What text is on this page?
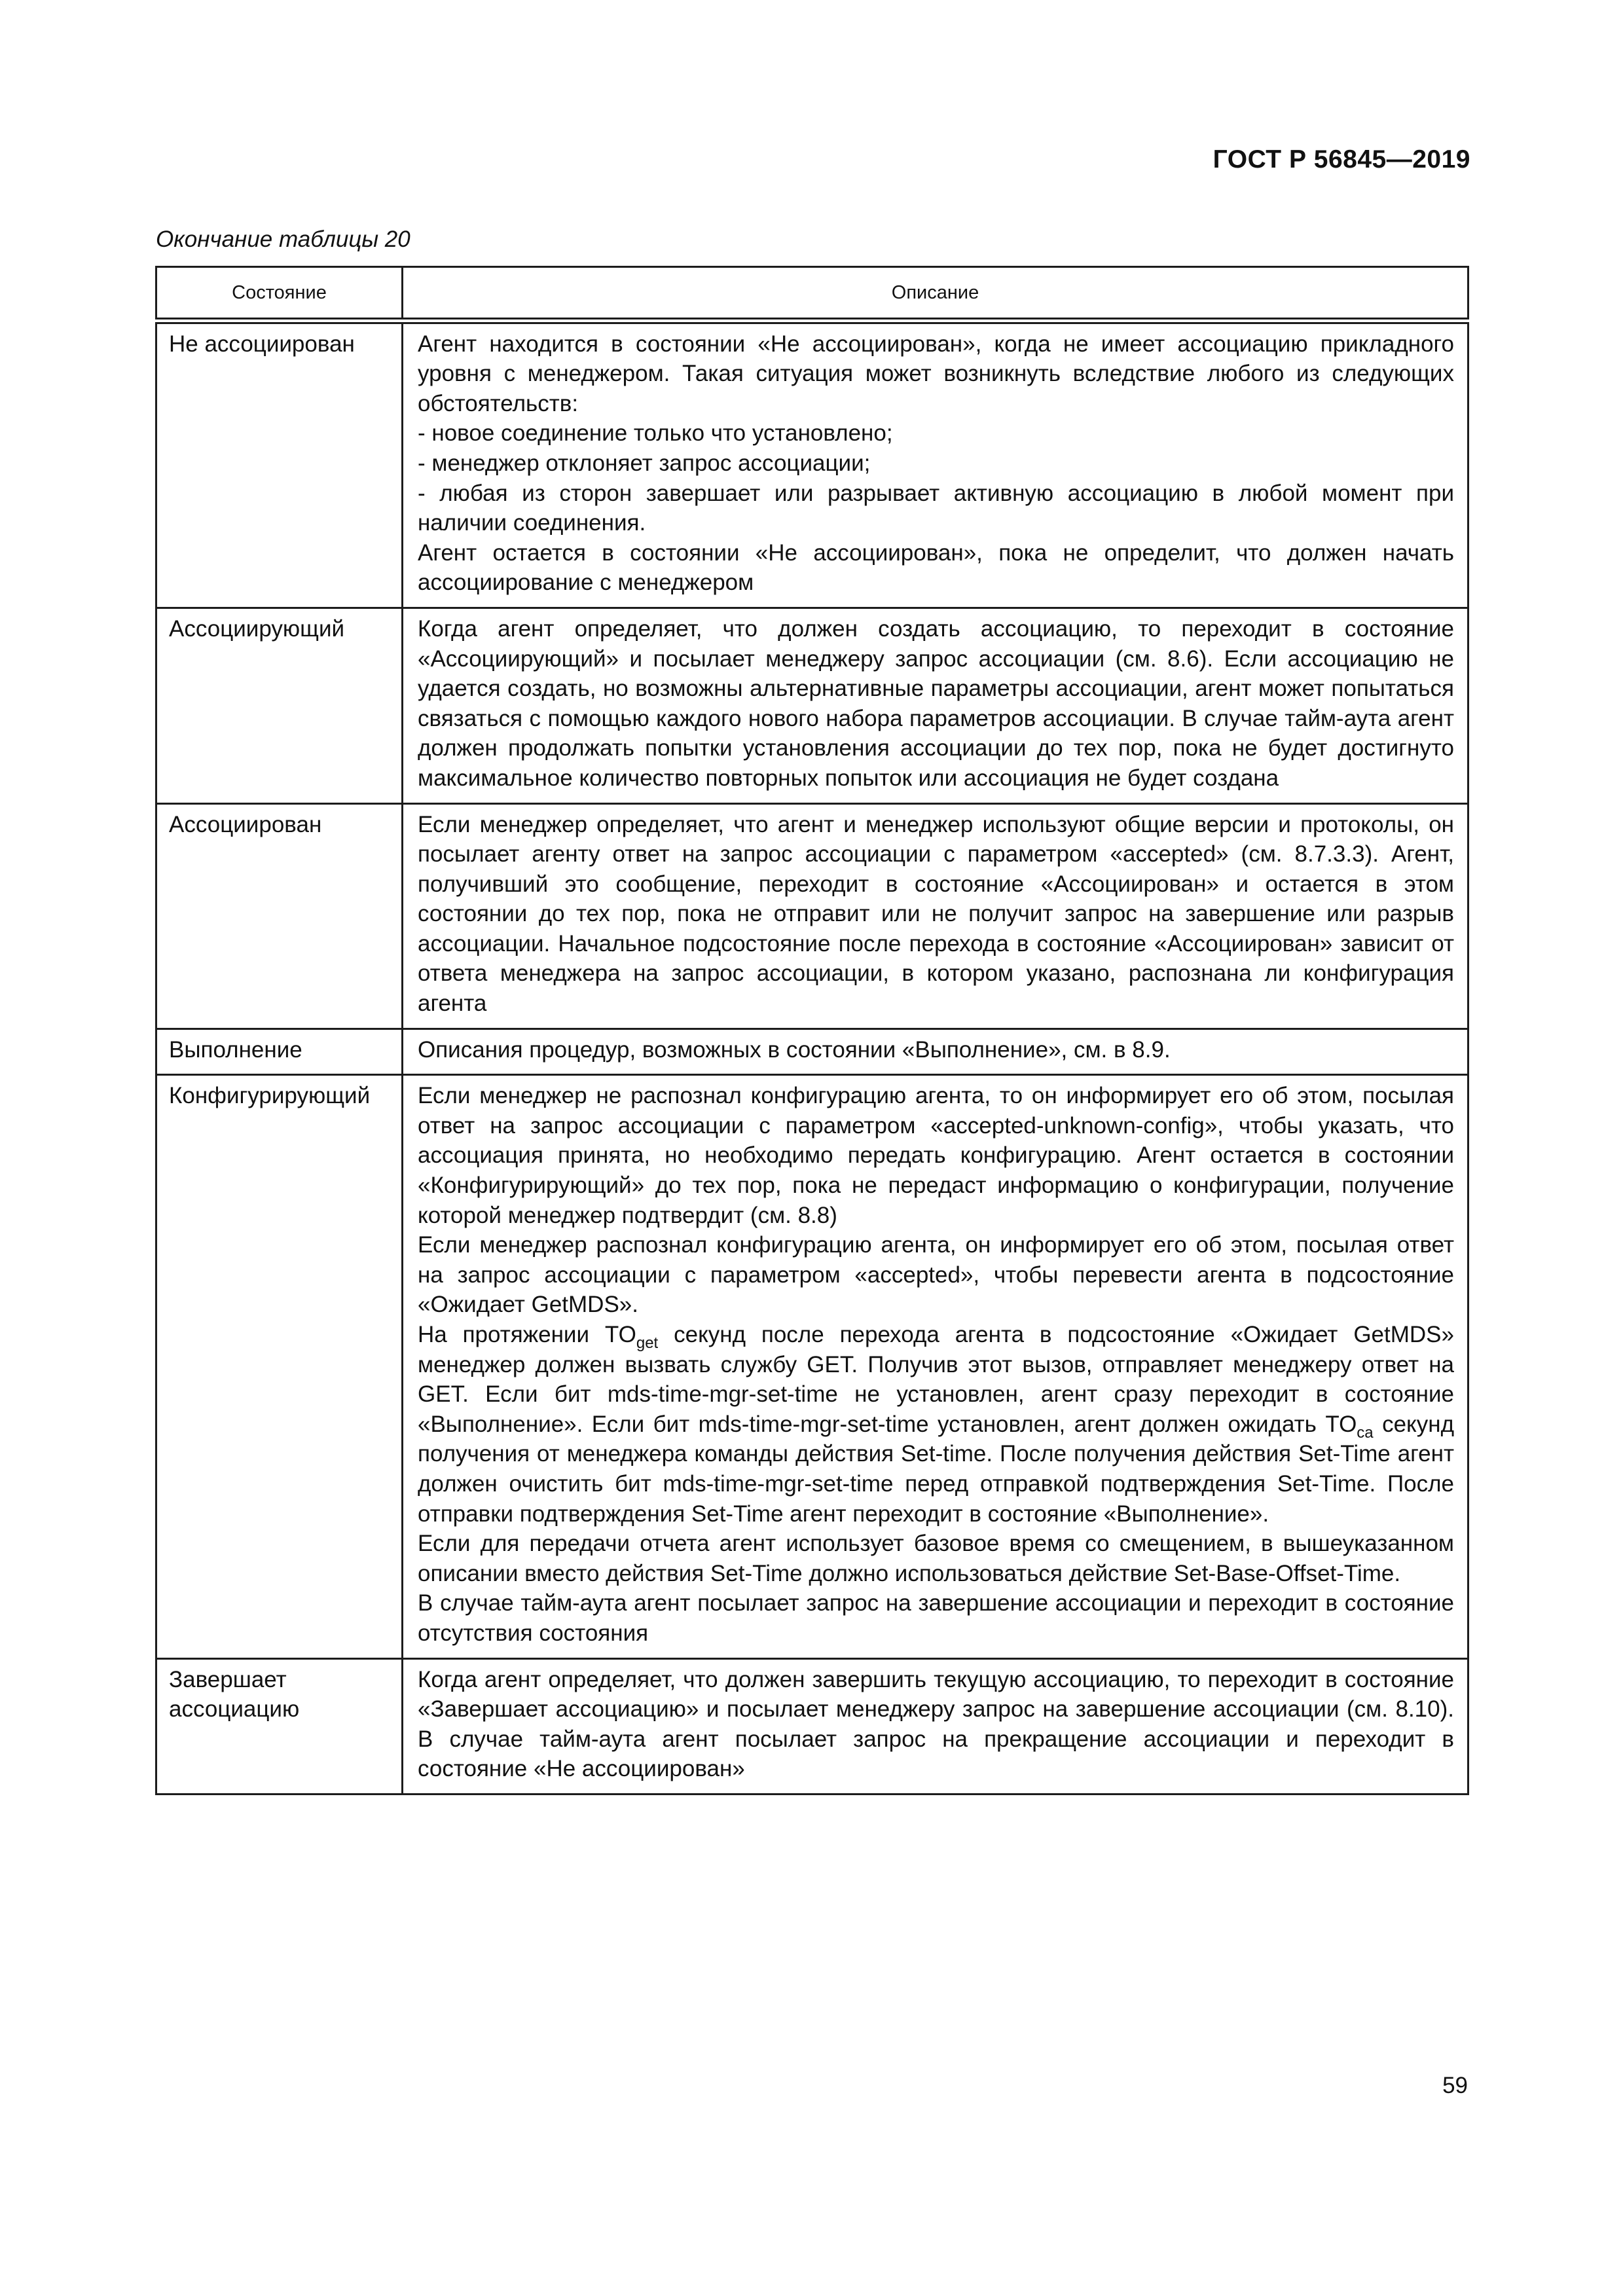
ГОСТ Р 56845—2019
Окончание таблицы 20
Состояние	Описание
Не ассоциирован	Агент находится в состоянии «Не ассоциирован», когда не имеет ассоциацию прикладного уровня с менеджером. Такая ситуация может возникнуть вследствие любого из следующих обстоятельств:
- новое соединение только что установлено;
- менеджер отклоняет запрос ассоциации;
- любая из сторон завершает или разрывает активную ассоциацию в любой момент при наличии соединения.
Агент остается в состоянии «Не ассоциирован», пока не определит, что должен начать ассоциирование с менеджером

Ассоциирующий	Когда агент определяет, что должен создать ассоциацию, то переходит в состояние «Ассоциирующий» и посылает менеджеру запрос ассоциации (см. 8.6). Если ассоциацию не удается создать, но возможны альтернативные параметры ассоциации, агент может попытаться связаться с помощью каждого нового набора параметров ассоциации. В случае тайм-аута агент должен продолжать попытки установления ассоциации до тех пор, пока не будет достигнуто максимальное количество повторных попыток или ассоциация не будет создана

Ассоциирован	Если менеджер определяет, что агент и менеджер используют общие версии и протоколы, он посылает агенту ответ на запрос ассоциации с параметром «accepted» (см. 8.7.3.3). Агент, получивший это сообщение, переходит в состояние «Ассоциирован» и остается в этом состоянии до тех пор, пока не отправит или не получит запрос на завершение или разрыв ассоциации. Начальное подсостояние после перехода в состояние «Ассоциирован» зависит от ответа менеджера на запрос ассоциации, в котором указано, распознана ли конфигурация агента

Выполнение	Описания процедур, возможных в состоянии «Выполнение», см. в 8.9.

Конфигурирующий	Если менеджер не распознал конфигурацию агента, то он информирует его об этом, посылая ответ на запрос ассоциации с параметром «accepted-unknown-config», чтобы указать, что ассоциация принята, но необходимо передать конфигурацию. Агент остается в состоянии «Конфигурирующий» до тех пор, пока не передаст информацию о конфигурации, получение которой менеджер подтвердит (см. 8.8)
Если менеджер распознал конфигурацию агента, он информирует его об этом, посылая ответ на запрос ассоциации с параметром «accepted», чтобы перевести агента в подсостояние «Ожидает GetMDS».
На протяжении $TO_{get}$ секунд после перехода агента в подсостояние «Ожидает GetMDS» менеджер должен вызвать службу GET. Получив этот вызов, отправляет менеджеру ответ на GET. Если бит mds-time-mgr-set-time не установлен, агент сразу переходит в состояние «Выполнение». Если бит mds-time-mgr-set-time установлен, агент должен ожидать $TO_{ca}$ секунд получения от менеджера команды действия Set-time. После получения действия Set-Time агент должен очистить бит mds-time-mgr-set-time перед отправкой подтверждения Set-Time. После отправки подтверждения Set-Time агент переходит в состояние «Выполнение».
Если для передачи отчета агент использует базовое время со смещением, в вышеуказанном описании вместо действия Set-Time должно использоваться действие Set-Base-Offset-Time.
В случае тайм-аута агент посылает запрос на завершение ассоциации и переходит в состояние отсутствия состояния

Завершает ассоциацию	Когда агент определяет, что должен завершить текущую ассоциацию, то переходит в состояние «Завершает ассоциацию» и посылает менеджеру запрос на завершение ассоциации (см. 8.10). В случае тайм-аута агент посылает запрос на прекращение ассоциации и переходит в состояние «Не ассоциирован»
59
